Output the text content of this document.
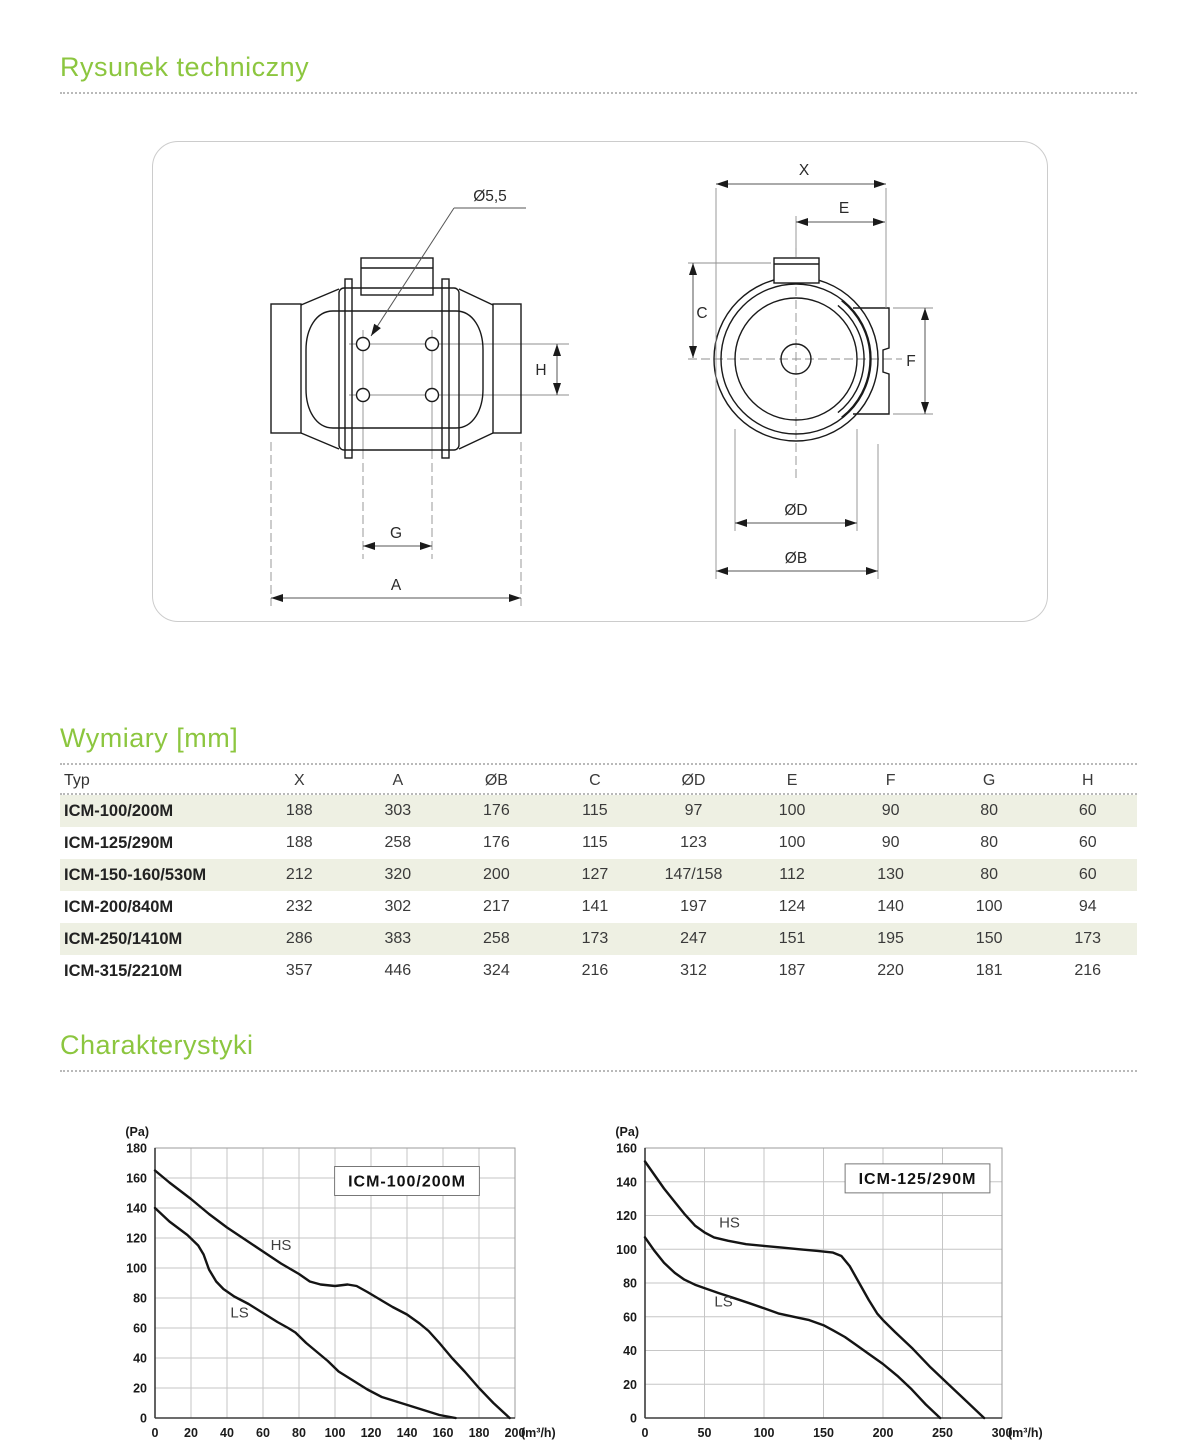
Rysunek techniczny
Wymiary [mm]
Charakterystyki
Ø5,5
H
G
A
X
E
C
F
ØD
ØB
Typ	X	A	ØB	C	ØD	E	F	G	H
ICM-100/200M	188	303	176	115	97	100	90	80	60
ICM-125/290M	188	258	176	115	123	100	90	80	60
ICM-150-160/530M	212	320	200	127	147/158	112	130	80	60
ICM-200/840M	232	302	217	141	197	124	140	100	94
ICM-250/1410M	286	383	258	173	247	151	195	150	173
ICM-315/2210M	357	446	324	216	312	187	220	181	216
0 20 40 60 80 100 120 140 160 180 200
(m³/h)
0
20
40
60
80
100
120
140
160
180
(Pa)
HS
LS
ICM-100/200M
0	50	100	150	200	250	300
(m³/h)
0
20
40
60
80
100
120
140
160
(Pa)
HS
LS
ICM-125/290M
